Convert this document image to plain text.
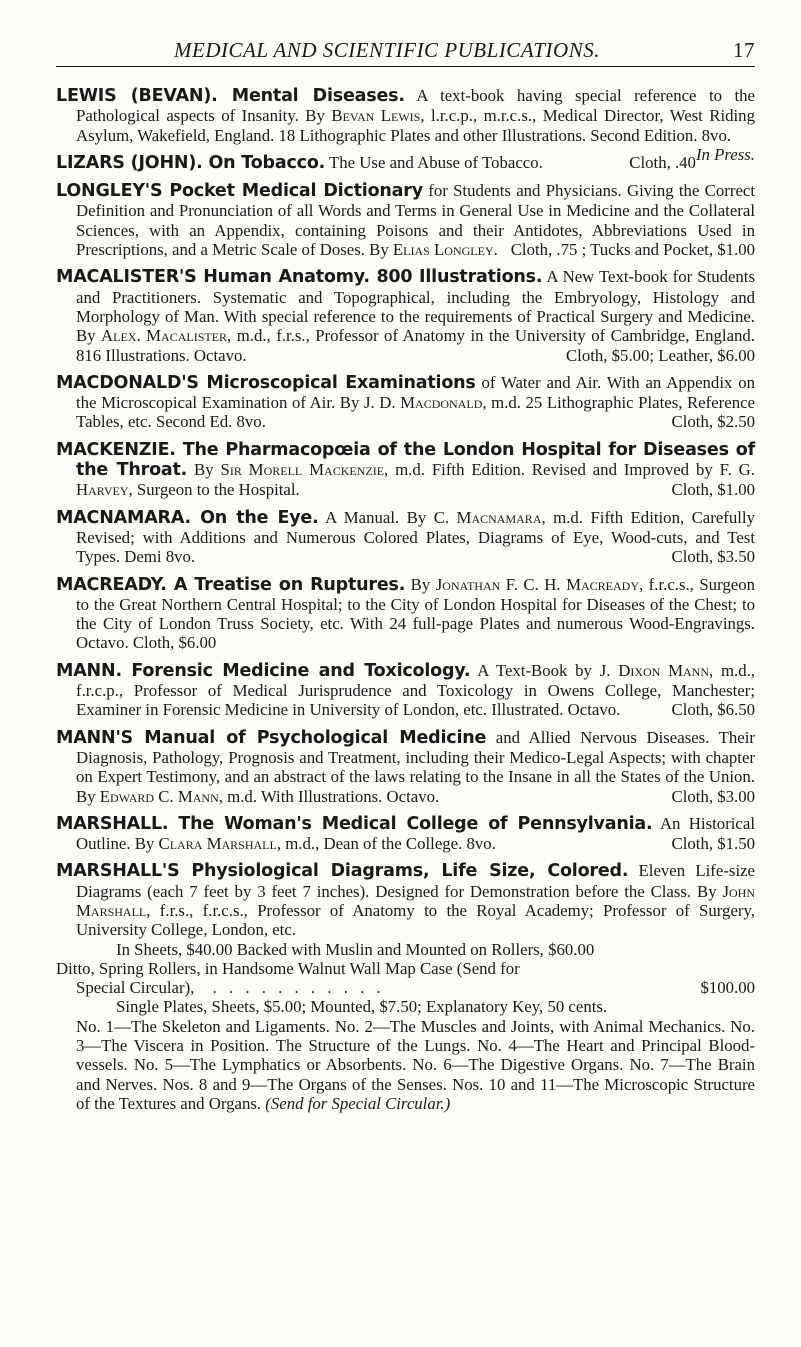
MEDICAL AND SCIENTIFIC PUBLICATIONS.	17

LEWIS (BEVAN). Mental Diseases. A text-book having special reference to the Pathological aspects of Insanity. By Bevan Lewis, l.r.c.p., m.r.c.s., Medical Director, West Riding Asylum, Wakefield, England. 18 Lithographic Plates and other Illustrations. Second Edition. 8vo.
In Press.

LIZARS (JOHN). On Tobacco. The Use and Abuse of Tobacco.	Cloth, .40

LONGLEY'S Pocket Medical Dictionary for Students and Physicians. Giving the Correct Definition and Pronunciation of all Words and Terms in General Use in Medicine and the Collateral Sciences, with an Appendix, containing Poisons and their Antidotes, Abbreviations Used in Prescriptions, and a Metric Scale of Doses. By Elias Longley. Cloth, .75 ; Tucks and Pocket, $1.00

MACALISTER'S Human Anatomy. 800 Illustrations. A New Text-book for Students and Practitioners. Systematic and Topographical, including the Embryology, Histology and Morphology of Man. With special reference to the requirements of Practical Surgery and Medicine. By Alex. Macalister, m.d., f.r.s., Professor of Anatomy in the University of Cambridge, England. 816 Illustrations. Octavo.	Cloth, $5.00; Leather, $6.00

MACDONALD'S Microscopical Examinations of Water and Air. With an Appendix on the Microscopical Examination of Air. By J. D. Macdonald, m.d. 25 Lithographic Plates, Reference Tables, etc. Second Ed. 8vo.	Cloth, $2.50

MACKENZIE. The Pharmacopœia of the London Hospital for Diseases of the Throat. By Sir Morell Mackenzie, m.d. Fifth Edition. Revised and Improved by F. G. Harvey, Surgeon to the Hospital.	Cloth, $1.00

MACNAMARA. On the Eye. A Manual. By C. Macnamara, m.d. Fifth Edition, Carefully Revised; with Additions and Numerous Colored Plates, Diagrams of Eye, Wood-cuts, and Test Types. Demi 8vo.	Cloth, $3.50

MACREADY. A Treatise on Ruptures. By Jonathan F. C. H. Macready, f.r.c.s., Surgeon to the Great Northern Central Hospital; to the City of London Hospital for Diseases of the Chest; to the City of London Truss Society, etc. With 24 full-page Plates and numerous Wood-Engravings. Octavo. Cloth, $6.00

MANN. Forensic Medicine and Toxicology. A Text-Book by J. Dixon Mann, m.d., f.r.c.p., Professor of Medical Jurisprudence and Toxicology in Owens College, Manchester; Examiner in Forensic Medicine in University of London, etc. Illustrated. Octavo.	Cloth, $6.50

MANN'S Manual of Psychological Medicine and Allied Nervous Diseases. Their Diagnosis, Pathology, Prognosis and Treatment, including their Medico-Legal Aspects; with chapter on Expert Testimony, and an abstract of the laws relating to the Insane in all the States of the Union. By Edward C. Mann, m.d. With Illustrations. Octavo.	Cloth, $3.00

MARSHALL. The Woman's Medical College of Pennsylvania. An Historical Outline. By Clara Marshall, m.d., Dean of the College. 8vo.	Cloth, $1.50

MARSHALL'S Physiological Diagrams, Life Size, Colored. Eleven Life-size Diagrams (each 7 feet by 3 feet 7 inches). Designed for Demonstration before the Class. By John Marshall, f.r.s., f.r.c.s., Professor of Anatomy to the Royal Academy; Professor of Surgery, University College, London, etc.
In Sheets, $40.00 Backed with Muslin and Mounted on Rollers, $60.00
Ditto, Spring Rollers, in Handsome Walnut Wall Map Case (Send for
Special Circular), . . . . . . . . . . .	$100.00
Single Plates, Sheets, $5.00; Mounted, $7.50; Explanatory Key, 50 cents.
No. 1—The Skeleton and Ligaments. No. 2—The Muscles and Joints, with Animal Mechanics. No. 3—The Viscera in Position. The Structure of the Lungs. No. 4—The Heart and Principal Blood-vessels. No. 5—The Lymphatics or Absorbents. No. 6—The Digestive Organs. No. 7—The Brain and Nerves. Nos. 8 and 9—The Organs of the Senses. Nos. 10 and 11—The Microscopic Structure of the Textures and Organs. (Send for Special Circular.)
